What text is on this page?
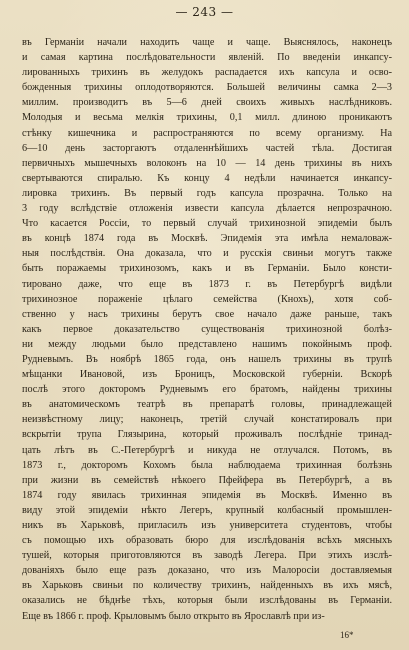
— 243 —
въ Германіи начали находить чаще и чаще. Выяснялось, наконецъ
и самая картина послѣдовательности явленій. По введеніи инкапсу-
лированныхъ трихинъ въ желудокъ распадается ихъ капсула и осво-
божденныя трихины оплодотворяются. Большей величины самка 2—3
миллим. производитъ въ 5—6 дней своихъ живыхъ наслѣдниковъ.
Молодыя и весьма мелкія трихины, 0,1 милл. длиною проникаютъ
стѣнку кишечника и распространяются по всему организму. На
6—10 день засторгаютъ отдаленнѣйшихъ частей тѣла. Достигая
первичныхъ мышечныхъ волоконъ на 10 — 14 день трихины въ нихъ
свертываются спиралью. Къ концу 4 недѣли начинается инкапсу-
лировка трихинъ. Въ первый годъ капсула прозрачна. Только на
3 году вслѣдствіе отложенія извести капсула дѣлается непрозрачною.
Что касается Россіи, то первый случай трихинозной эпидеміи былъ
въ концѣ 1874 года въ Москвѣ. Эпидемія эта имѣла немаловаж-
ныя послѣдствія. Она доказала, что и русскія свиньи могутъ также
быть поражаемы трихинозомъ, какъ и въ Германіи. Было консти-
тировано даже, что еще въ 1873 г. въ Петербургѣ видѣли
трихинозное пораженіе цѣлаго семейства (Кнохъ), хотя соб-
ственно у насъ трихины берутъ свое начало даже раньше, такъ
какъ первое доказательство существованія трихинозной болѣз-
ни между людьми было представлено нашимъ покойнымъ проф.
Рудневымъ. Въ ноябрѣ 1865 года, онъ нашелъ трихины въ трупѣ
мѣщанки Ивановой, изъ Броницъ, Московской губерніи. Вскорѣ
послѣ этого докторомъ Рудневымъ его братомъ, найдены трихины
въ анатомическомъ театрѣ въ препаратѣ головы, принадлежащей
неизвѣстному лицу; наконецъ, третій случай констатировалъ при
вскрытіи трупа Глязырина, который проживалъ послѣдніе тринад-
цать лѣтъ въ С.-Петербургѣ и никуда не отлучался. Потомъ, въ
1873 г., докторомъ Кохомъ была наблюдаема трихинная болѣзнь
при жизни въ семействѣ нѣкоего Пфейфера въ Петербургѣ, а въ
1874 году явилась трихинная эпидемія въ Москвѣ. Именно въ
виду этой эпидеміи нѣкто Легеръ, крупный колбасный промышлен-
никъ въ Харьковѣ, пригласилъ изъ университета студентовъ, чтобы
съ помощью ихъ образовать бюро для изслѣдованія всѣхъ мясныхъ
тушей, которыя приготовляются въ заводѣ Легера. При этихъ изслѣ-
дованіяхъ было еще разъ доказано, что изъ Малоросіи доставляемыя
въ Харьковъ свиньи по количеству трихинъ, найденныхъ въ ихъ мясѣ,
оказались не бѣднѣе тѣхъ, которыя были изслѣдованы въ Германіи.
Еще въ 1866 г. проф. Крыловымъ было открыто въ Ярославлѣ при из-
16*
